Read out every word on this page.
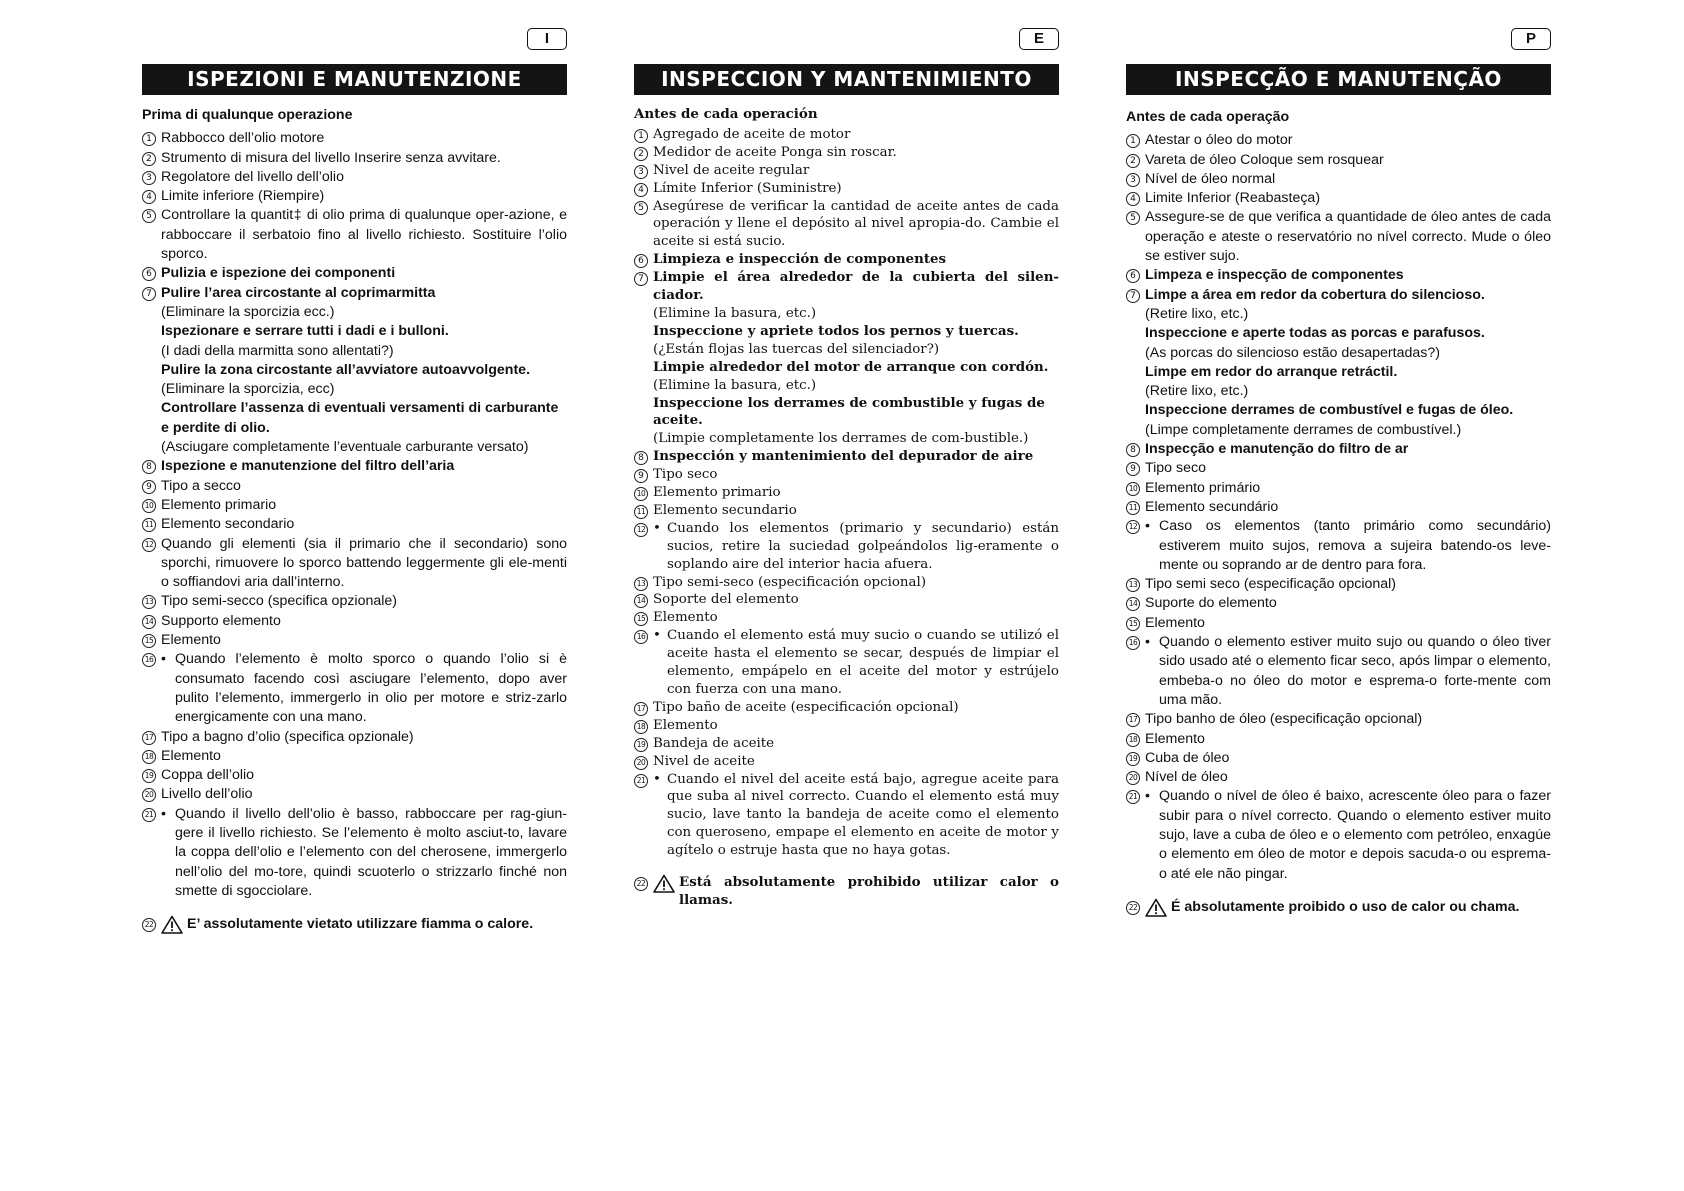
I
ISPEZIONI E MANUTENZIONE
Prima di qualunque operazione
1 Rabbocco dell’olio motore
2 Strumento di misura del livello Inserire senza avvitare.
3 Regolatore del livello dell’olio
4 Limite inferiore (Riempire)
5 Controllare la quantit‡ di olio prima di qualunque oper-azione, e rabboccare il serbatoio fino al livello richiesto. Sostituire l’olio sporco.
6 Pulizia e ispezione dei componenti
7 Pulire l’area circostante al coprimarmitta
(Eliminare la sporcizia ecc.)
Ispezionare e serrare tutti i dadi e i bulloni.
(I dadi della marmitta sono allentati?)
Pulire la zona circostante all’avviatore autoavvolgente.
(Eliminare la sporcizia, ecc)
Controllare l’assenza di eventuali versamenti di carburante e perdite di olio.
(Asciugare completamente l’eventuale carburante versato)
8 Ispezione e manutenzione del filtro dell’aria
9 Tipo a secco
10 Elemento primario
11 Elemento secondario
12 Quando gli elementi (sia il primario che il secondario) sono sporchi, rimuovere lo sporco battendo leggermente gli ele-menti o soffiandovi aria dall’interno.
13 Tipo semi-secco (specifica opzionale)
14 Supporto elemento
15 Elemento
16 • Quando l’elemento è molto sporco o quando l’olio si è consumato facendo così asciugare l’elemento, dopo aver pulito l’elemento, immergerlo in olio per motore e striz-zarlo energicamente con una mano.
17 Tipo a bagno d’olio (specifica opzionale)
18 Elemento
19 Coppa dell’olio
20 Livello dell’olio
21 • Quando il livello dell’olio è basso, rabboccare per rag-giun-gere il livello richiesto. Se l’elemento è molto asciut-to, lavare la coppa dell’olio e l’elemento con del cherosene, immergerlo nell’olio del mo-tore, quindi scuoterlo o strizzarlo finché non smette di sgocciolare.
22 E’ assolutamente vietato utilizzare fiamma o calore.
E
INSPECCION Y MANTENIMIENTO
Antes de cada operación
1 Agregado de aceite de motor
2 Medidor de aceite Ponga sin roscar.
3 Nivel de aceite regular
4 Límite Inferior (Suministre)
5 Asegúrese de verificar la cantidad de aceite antes de cada operación y llene el depósito al nivel apropia-do. Cambie el aceite si está sucio.
6 Limpieza e inspección de componentes
7 Limpie el área alrededor de la cubierta del silen-ciador.
(Elimine la basura, etc.)
Inspeccione y apriete todos los pernos y tuercas.
(¿Están flojas las tuercas del silenciador?)
Limpie alrededor del motor de arranque con cordón.
(Elimine la basura, etc.)
Inspeccione los derrames de combustible y fugas de aceite.
(Limpie completamente los derrames de com-bustible.)
8 Inspección y mantenimiento del depurador de aire
9 Tipo seco
10 Elemento primario
11 Elemento secundario
12 • Cuando los elementos (primario y secundario) están sucios, retire la suciedad golpeándolos lig-eramente o soplando aire del interior hacia afuera.
13 Tipo semi-seco (especificación opcional)
14 Soporte del elemento
15 Elemento
16 • Cuando el elemento está muy sucio o cuando se utilizó el aceite hasta el elemento se secar, después de limpiar el elemento, empápelo en el aceite del motor y estrújelo con fuerza con una mano.
17 Tipo baño de aceite (especificación opcional)
18 Elemento
19 Bandeja de aceite
20 Nivel de aceite
21 • Cuando el nivel del aceite está bajo, agregue aceite para que suba al nivel correcto. Cuando el elemento está muy sucio, lave tanto la bandeja de aceite como el elemento con queroseno, empape el elemento en aceite de motor y agítelo o estruje hasta que no haya gotas.
22	Está absolutamente prohibido utilizar calor o llamas.
P
INSPECÇÃO E MANUTENÇÃO
Antes de cada operação
1 Atestar o óleo do motor
2 Vareta de óleo Coloque sem rosquear
3 Nível de óleo normal
4 Limite Inferior (Reabasteça)
5 Assegure-se de que verifica a quantidade de óleo antes de cada operação e ateste o reservatório no nível correcto. Mude o óleo se estiver sujo.
6 Limpeza e inspecção de componentes
7 Limpe a área em redor da cobertura do silencioso.
(Retire lixo, etc.)
Inspeccione e aperte todas as porcas e parafusos.
(As porcas do silencioso estão desapertadas?)
Limpe em redor do arranque retráctil.
(Retire lixo, etc.)
Inspeccione derrames de combustível e fugas de óleo.
(Limpe completamente derrames de combustível.)
8 Inspecção e manutenção do filtro de ar
9 Tipo seco
10 Elemento primário
11 Elemento secundário
12 • Caso os elementos (tanto primário como secundário) estiverem muito sujos, remova a sujeira batendo-os leve-mente ou soprando ar de dentro para fora.
13 Tipo semi seco (especificação opcional)
14 Suporte do elemento
15 Elemento
16 • Quando o elemento estiver muito sujo ou quando o óleo tiver sido usado até o elemento ficar seco, após limpar o elemento, embeba-o no óleo do motor e esprema-o forte-mente com uma mão.
17 Tipo banho de óleo (especificação opcional)
18 Elemento
19 Cuba de óleo
20 Nível de óleo
21 • Quando o nível de óleo é baixo, acrescente óleo para o fazer subir para o nível correcto. Quando o elemento estiver muito sujo, lave a cuba de óleo e o elemento com petróleo, enxagúe o elemento em óleo de motor e depois sacuda-o ou esprema-o até ele não pingar.
22 É absolutamente proibido o uso de calor ou chama.
